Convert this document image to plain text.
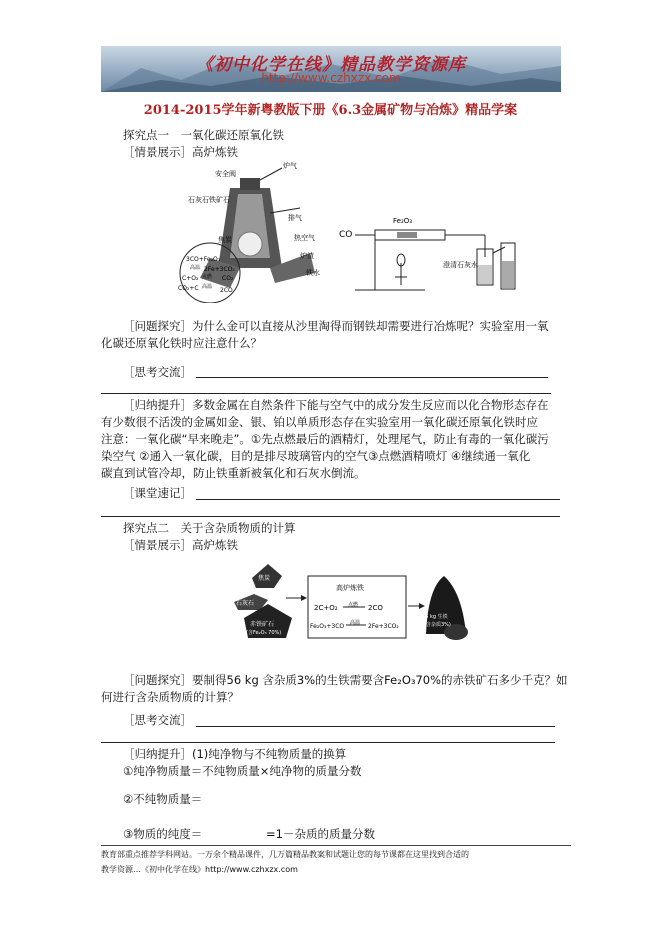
《初中化学在线》精品教学资源库
http://www.czhxzx.com
2014-2015学年新粤教版下册《6.3金属矿物与冶炼》精品学案
探究点一　一氧化碳还原氧化铁
［情景展示］高炉炼铁
安全阀
炉气
石灰石铁矿石
排气
焦炭	热空气
炉渣
铁水
3CO+Fe₂O₃
高温 2Fe+3CO₂
C+O₂ 点燃 CO₂
CO₂+C 高温 2CO
CO
Fe₂O₃
澄清石灰水
［问题探究］为什么金可以直接从沙里淘得而钢铁却需要进行冶炼呢？实验室用一氧
化碳还原氧化铁时应注意什么？
［思考交流］
［归纳提升］多数金属在自然条件下能与空气中的成分发生反应而以化合物形态存在
有少数很不活泼的金属如金、银、铂以单质形态存在实验室用一氧化碳还原氧化铁时应
注意：一氧化碳“早来晚走”。①先点燃最后的酒精灯，处理尾气，防止有毒的一氧化碳污
染空气 ②通入一氧化碳，目的是排尽玻璃管内的空气③点燃酒精喷灯 ④继续通一氧化
碳直到试管冷却，防止铁重新被氧化和石灰水倒流。
［课堂速记］
探究点二　关于含杂质物质的计算
［情景展示］高炉炼铁
焦炭
石灰石
赤铁矿石
(含Fe₂O₃ 70%)
高炉炼铁
2C+O₂ 点燃 2CO
Fe₂O₃+3CO 高温 2Fe+3CO₂
56 kg 生铁
(含杂质3%)
［问题探究］要制得56 kg 含杂质3%的生铁需要含Fe₂O₃70%的赤铁矿石多少千克？如
何进行含杂质物质的计算？
［思考交流］
［归纳提升］(1)纯净物与不纯物质量的换算
①纯净物质量＝不纯物质量×纯净物的质量分数
②不纯物质量＝
③物质的纯度＝	=1－杂质的质量分数
教育部重点推荐学科网站。一万余个精品课件，几万篇精品教案和试题让您的每节课都在这里找到合适的
教学资源…《初中化学在线》http://www.czhxzx.com
